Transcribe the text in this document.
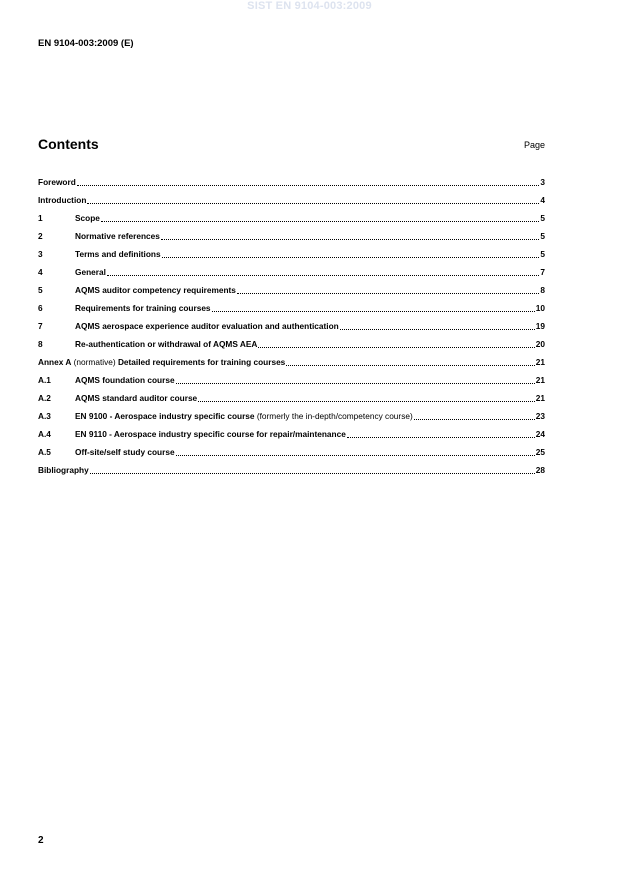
SIST EN 9104-003:2009
EN 9104-003:2009 (E)
Contents	Page
Foreword	3
Introduction	4
1	Scope	5
2	Normative references	5
3	Terms and definitions	5
4	General	7
5	AQMS auditor competency requirements	8
6	Requirements for training courses	10
7	AQMS aerospace experience auditor evaluation and authentication	19
8	Re-authentication or withdrawal of AQMS AEA	20
Annex A (normative) Detailed requirements for training courses	21
A.1	AQMS foundation course	21
A.2	AQMS standard auditor course	21
A.3	EN 9100 - Aerospace industry specific course (formerly the in-depth/competency course)	23
A.4	EN 9110 - Aerospace industry specific course for repair/maintenance	24
A.5	Off-site/self study course	25
Bibliography	28
2
